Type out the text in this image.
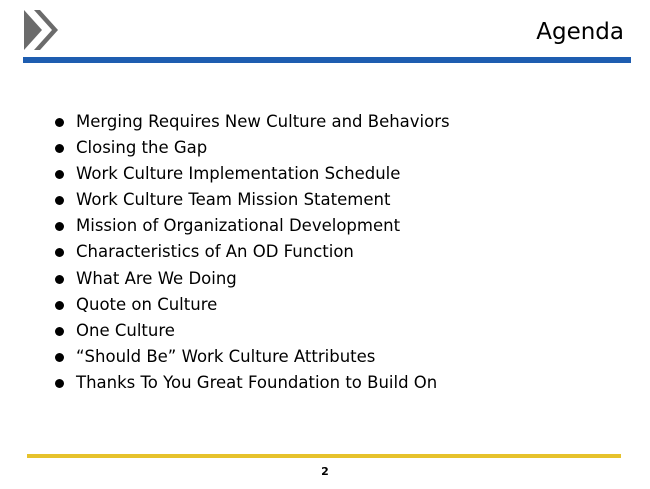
Agenda
Merging Requires New Culture and Behaviors
Closing the Gap
Work Culture Implementation Schedule
Work Culture Team Mission Statement
Mission of Organizational Development
Characteristics of An OD Function
What Are We Doing
Quote on Culture
One Culture
“Should Be” Work Culture Attributes
Thanks To You Great Foundation to Build On
2
